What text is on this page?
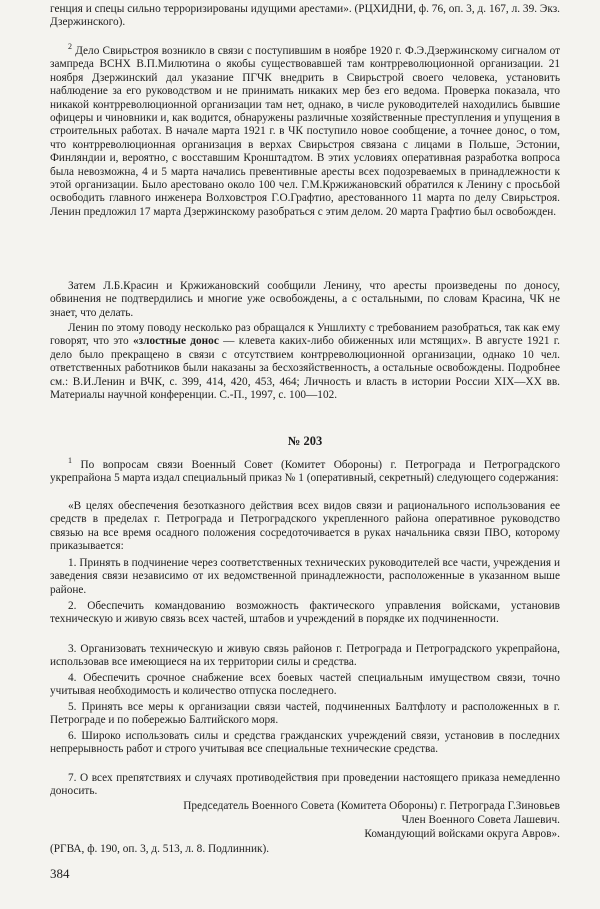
генция и спецы сильно терроризированы идущими арестами». (РЦХИДНИ, ф. 76, оп. 3, д. 167, л. 39. Экз. Дзержинского).

$^2$ Дело Свирьстроя возникло в связи с поступившим в ноябре 1920 г. Ф.Э.Дзержинскому сигналом от зампреда ВСНХ В.П.Милютина о якобы существовавшей там контрреволюционной организации. 21 ноября Дзержинский дал указание ПГЧК внедрить в Свирьстрой своего человека, установить наблюдение за его руководством и не принимать никаких мер без его ведома. Проверка показала, что никакой контрреволюционной организации там нет, однако, в числе руководителей находились бывшие офицеры и чиновники и, как водится, обнаружены различные хозяйственные преступления и упущения в строительных работах. В начале марта 1921 г. в ЧК поступило новое сообщение, а точнее донос, о том, что контрреволюционная организация в верхах Свирьстроя связана с лицами в Польше, Эстонии, Финляндии и, вероятно, с восставшим Кронштадтом. В этих условиях оперативная разработка вопроса была невозможна, 4 и 5 марта начались превентивные аресты всех подозреваемых в принадлежности к этой организации. Было арестовано около 100 чел. Г.М.Кржижановский обратился к Ленину с просьбой освободить главного инженера Волховстроя Г.О.Графтио, арестованного 11 марта по делу Свирьстроя. Ленин предложил 17 марта Дзержинскому разобраться с этим делом. 20 марта Графтио был освобожден.

Затем Л.Б.Красин и Кржижановский сообщили Ленину, что аресты произведены по доносу, обвинения не подтвердились и многие уже освобождены, а с остальными, по словам Красина, ЧК не знает, что делать.

Ленин по этому поводу несколько раз обращался к Уншлихту с требованием разобраться, так как ему говорят, что это «злостные донос — клевета каких-либо обиженных или мстящих». В августе 1921 г. дело было прекращено в связи с отсутствием контрреволюционной организации, однако 10 чел. ответственных работников были наказаны за бесхозяйственность, а остальные освобождены. Подробнее см.: В.И.Ленин и ВЧК, с. 399, 414, 420, 453, 464; Личность и власть в истории России XIX—XX вв. Материалы научной конференции. С.-П., 1997, с. 100—102.

№ 203

$^1$ По вопросам связи Военный Совет (Комитет Обороны) г. Петрограда и Петроградского укрепрайона 5 марта издал специальный приказ № 1 (оперативный, секретный) следующего содержания:

«В целях обеспечения безотказного действия всех видов связи и рационального использования ее средств в пределах г. Петрограда и Петроградского укрепленного района оперативное руководство связью на все время осадного положения сосредоточивается в руках начальника связи ПВО, которому приказывается:

1. Принять в подчинение через соответственных технических руководителей все части, учреждения и заведения связи независимо от их ведомственной принадлежности, расположенные в указанном выше районе.

2. Обеспечить командованию возможность фактического управления войсками, установив техническую и живую связь всех частей, штабов и учреждений в порядке их подчиненности.

3. Организовать техническую и живую связь районов г. Петрограда и Петроградского укрепрайона, использовав все имеющиеся на их территории силы и средства.

4. Обеспечить срочное снабжение всех боевых частей специальным имуществом связи, точно учитывая необходимость и количество отпуска последнего.

5. Принять все меры к организации связи частей, подчиненных Балтфлоту и расположенных в г. Петрограде и по побережью Балтийского моря.

6. Широко использовать силы и средства гражданских учреждений связи, установив в последних непрерывность работ и строго учитывая все специальные технические средства.

7. О всех препятствиях и случаях противодействия при проведении настоящего приказа немедленно доносить.

Председатель Военного Совета (Комитета Обороны) г. Петрограда Г.Зиновьев

Член Военного Совета Лашевич.

Командующий войсками округа Авров».

(РГВА, ф. 190, оп. 3, д. 513, л. 8. Подлинник).

384
